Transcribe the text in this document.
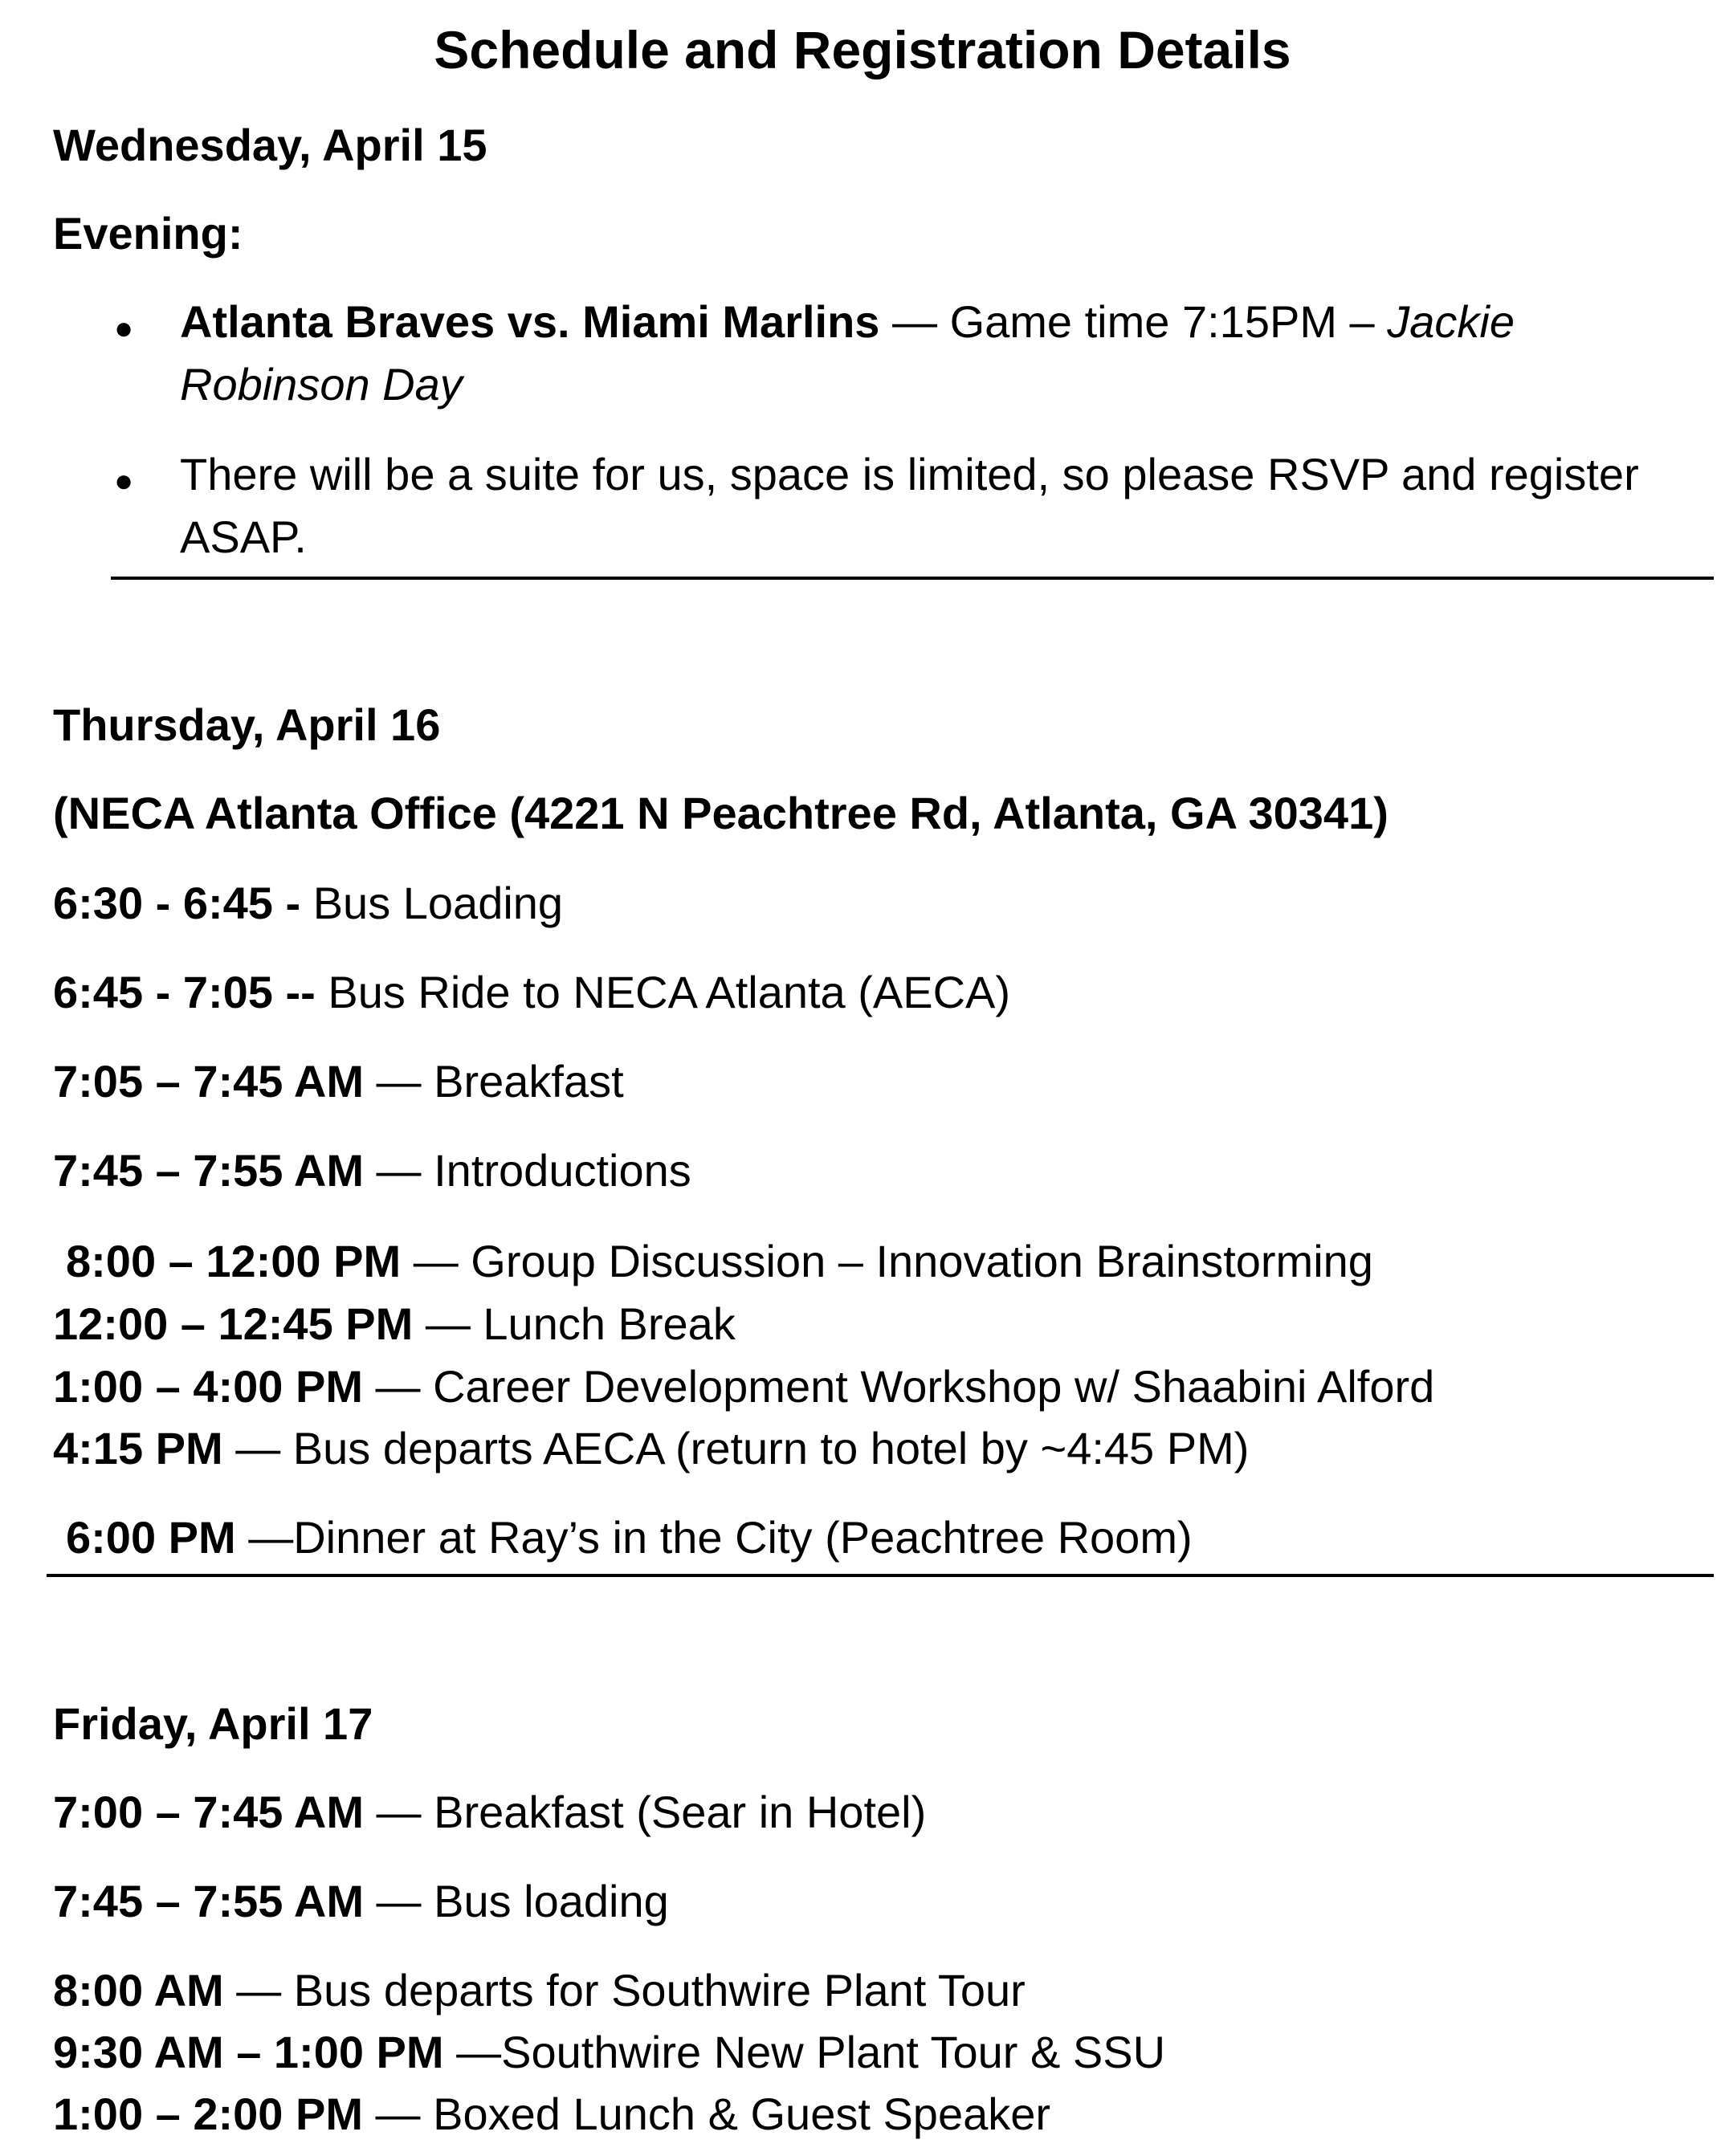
Schedule and Registration Details
Wednesday, April 15
Evening:
● Atlanta Braves vs. Miami Marlins — Game time 7:15PM – Jackie Robinson Day
● There will be a suite for us, space is limited, so please RSVP and register ASAP.
Thursday, April 16
(NECA Atlanta Office (4221 N Peachtree Rd, Atlanta, GA 30341)
6:30 - 6:45 - Bus Loading
6:45 - 7:05 -- Bus Ride to NECA Atlanta (AECA)
7:05 – 7:45 AM — Breakfast
7:45 – 7:55 AM — Introductions
8:00 – 12:00 PM — Group Discussion – Innovation Brainstorming
12:00 – 12:45 PM — Lunch Break
1:00 – 4:00 PM — Career Development Workshop w/ Shaabini Alford
4:15 PM — Bus departs AECA (return to hotel by ~4:45 PM)
6:00 PM —Dinner at Ray’s in the City (Peachtree Room)
Friday, April 17
7:00 – 7:45 AM — Breakfast (Sear in Hotel)
7:45 – 7:55 AM — Bus loading
8:00 AM — Bus departs for Southwire Plant Tour
9:30 AM – 1:00 PM —Southwire New Plant Tour & SSU
1:00 – 2:00 PM — Boxed Lunch & Guest Speaker
